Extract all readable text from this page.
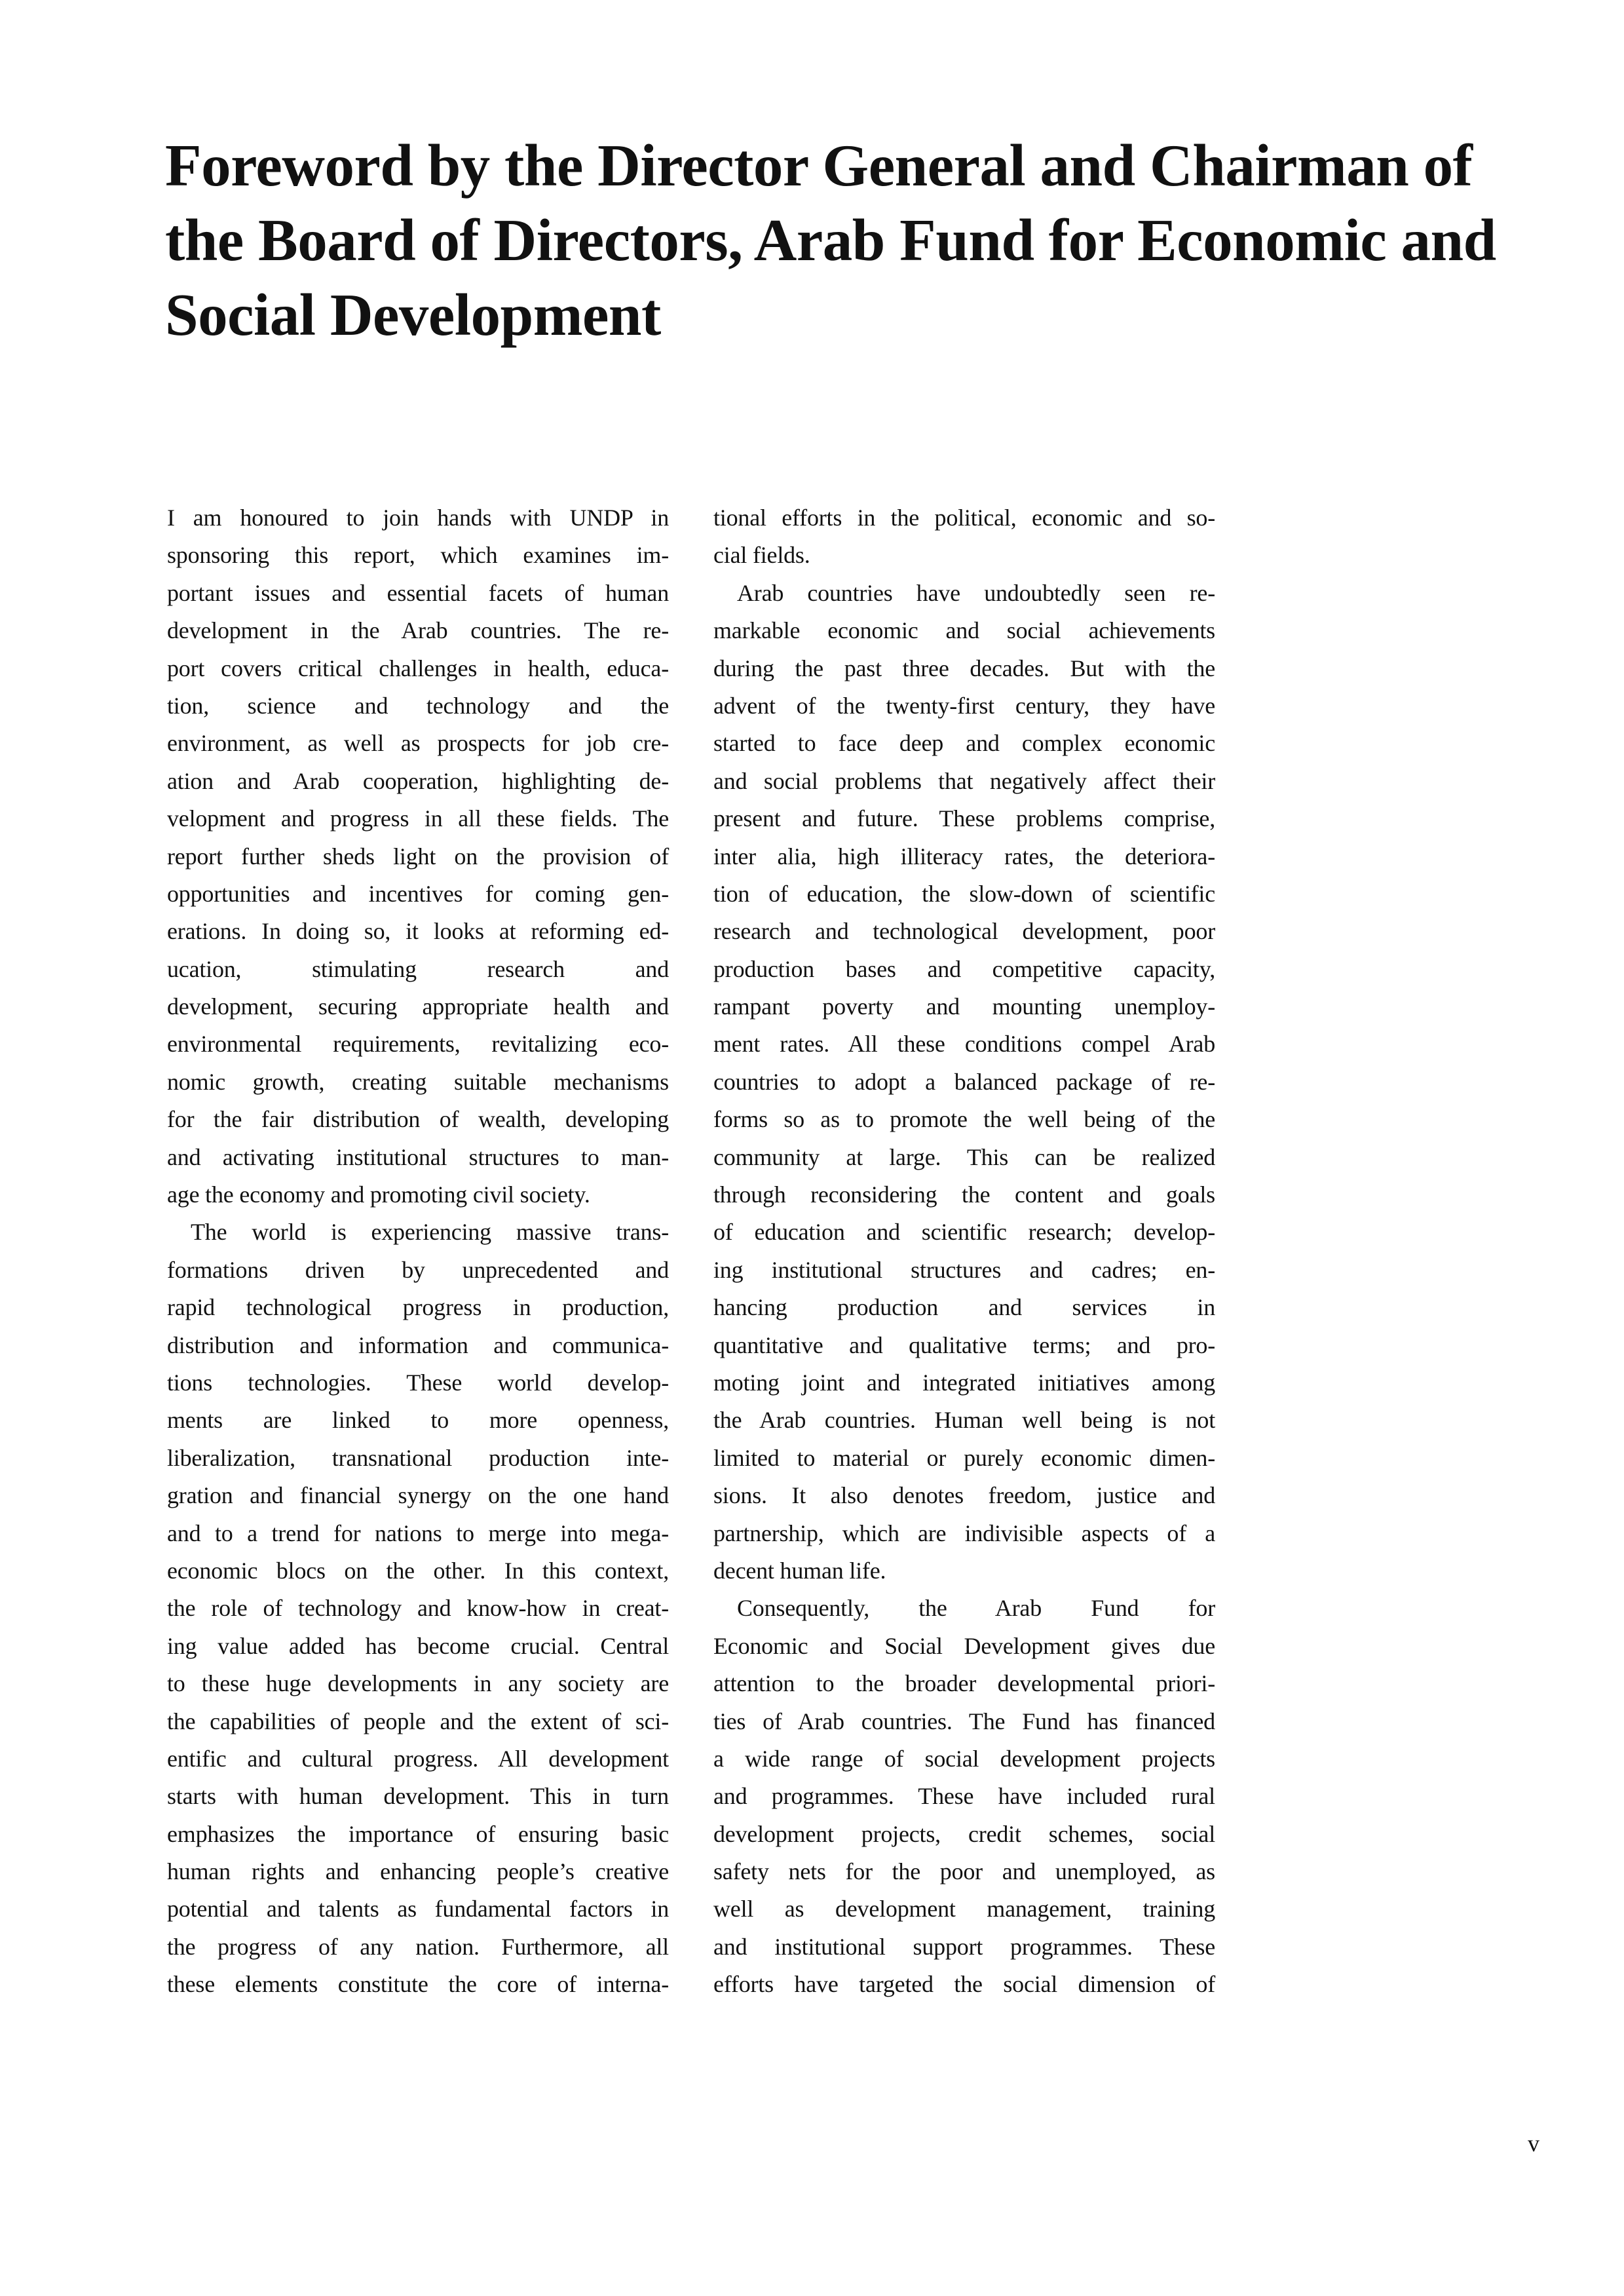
Foreword by the Director General and Chairman of
the Board of Directors, Arab Fund for Economic and
Social Development
I am honoured to join hands with UNDP in
sponsoring this report, which examines im-
portant issues and essential facets of human
development in the Arab countries. The re-
port covers critical challenges in health, educa-
tion, science and technology and the
environment, as well as prospects for job cre-
ation and Arab cooperation, highlighting de-
velopment and progress in all these fields. The
report further sheds light on the provision of
opportunities and incentives for coming gen-
erations. In doing so, it looks at reforming ed-
ucation, stimulating research and
development, securing appropriate health and
environmental requirements, revitalizing eco-
nomic growth, creating suitable mechanisms
for the fair distribution of wealth, developing
and activating institutional structures to man-
age the economy and promoting civil society.
The world is experiencing massive trans-
formations driven by unprecedented and
rapid technological progress in production,
distribution and information and communica-
tions technologies. These world develop-
ments are linked to more openness,
liberalization, transnational production inte-
gration and financial synergy on the one hand
and to a trend for nations to merge into mega-
economic blocs on the other. In this context,
the role of technology and know-how in creat-
ing value added has become crucial. Central
to these huge developments in any society are
the capabilities of people and the extent of sci-
entific and cultural progress. All development
starts with human development. This in turn
emphasizes the importance of ensuring basic
human rights and enhancing people’s creative
potential and talents as fundamental factors in
the progress of any nation. Furthermore, all
these elements constitute the core of interna-
tional efforts in the political, economic and so-
cial fields.
Arab countries have undoubtedly seen re-
markable economic and social achievements
during the past three decades. But with the
advent of the twenty-first century, they have
started to face deep and complex economic
and social problems that negatively affect their
present and future. These problems comprise,
inter alia, high illiteracy rates, the deteriora-
tion of education, the slow-down of scientific
research and technological development, poor
production bases and competitive capacity,
rampant poverty and mounting unemploy-
ment rates. All these conditions compel Arab
countries to adopt a balanced package of re-
forms so as to promote the well being of the
community at large. This can be realized
through reconsidering the content and goals
of education and scientific research; develop-
ing institutional structures and cadres; en-
hancing production and services in
quantitative and qualitative terms; and pro-
moting joint and integrated initiatives among
the Arab countries. Human well being is not
limited to material or purely economic dimen-
sions. It also denotes freedom, justice and
partnership, which are indivisible aspects of a
decent human life.
Consequently, the Arab Fund for
Economic and Social Development gives due
attention to the broader developmental priori-
ties of Arab countries. The Fund has financed
a wide range of social development projects
and programmes. These have included rural
development projects, credit schemes, social
safety nets for the poor and unemployed, as
well as development management, training
and institutional support programmes. These
efforts have targeted the social dimension of
v
